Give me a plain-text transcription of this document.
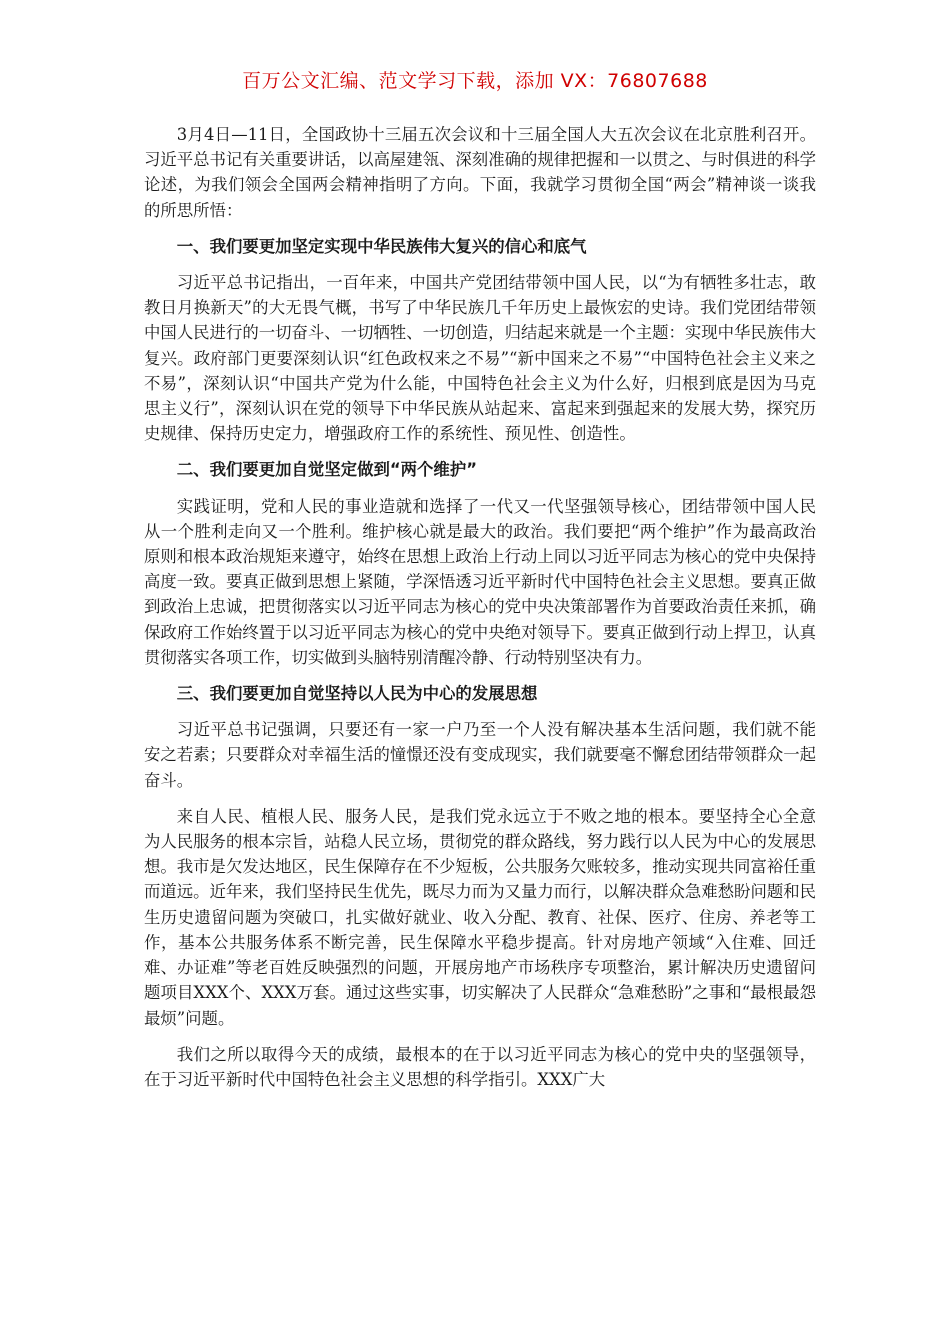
百万公文汇编、范文学习下载，添加 VX：76807688

3月4日—11日，全国政协十三届五次会议和十三届全国人大五次会议在北京胜利召开。习近平总书记有关重要讲话，以高屋建瓴、深刻准确的规律把握和一以贯之、与时俱进的科学论述，为我们领会全国两会精神指明了方向。下面，我就学习贯彻全国“两会”精神谈一谈我的所思所悟：

一、我们要更加坚定实现中华民族伟大复兴的信心和底气

习近平总书记指出，一百年来，中国共产党团结带领中国人民，以“为有牺牲多壮志，敢教日月换新天”的大无畏气概，书写了中华民族几千年历史上最恢宏的史诗。我们党团结带领中国人民进行的一切奋斗、一切牺牲、一切创造，归结起来就是一个主题：实现中华民族伟大复兴。政府部门更要深刻认识“红色政权来之不易”“新中国来之不易”“中国特色社会主义来之不易”，深刻认识“中国共产党为什么能，中国特色社会主义为什么好，归根到底是因为马克思主义行”，深刻认识在党的领导下中华民族从站起来、富起来到强起来的发展大势，探究历史规律、保持历史定力，增强政府工作的系统性、预见性、创造性。

二、我们要更加自觉坚定做到“两个维护”

实践证明，党和人民的事业造就和选择了一代又一代坚强领导核心，团结带领中国人民从一个胜利走向又一个胜利。维护核心就是最大的政治。我们要把“两个维护”作为最高政治原则和根本政治规矩来遵守，始终在思想上政治上行动上同以习近平同志为核心的党中央保持高度一致。要真正做到思想上紧随，学深悟透习近平新时代中国特色社会主义思想。要真正做到政治上忠诚，把贯彻落实以习近平同志为核心的党中央决策部署作为首要政治责任来抓，确保政府工作始终置于以习近平同志为核心的党中央绝对领导下。要真正做到行动上捍卫，认真贯彻落实各项工作，切实做到头脑特别清醒冷静、行动特别坚决有力。

三、我们要更加自觉坚持以人民为中心的发展思想

习近平总书记强调，只要还有一家一户乃至一个人没有解决基本生活问题，我们就不能安之若素；只要群众对幸福生活的憧憬还没有变成现实，我们就要毫不懈怠团结带领群众一起奋斗。

来自人民、植根人民、服务人民，是我们党永远立于不败之地的根本。要坚持全心全意为人民服务的根本宗旨，站稳人民立场，贯彻党的群众路线，努力践行以人民为中心的发展思想。我市是欠发达地区，民生保障存在不少短板，公共服务欠账较多，推动实现共同富裕任重而道远。近年来，我们坚持民生优先，既尽力而为又量力而行，以解决群众急难愁盼问题和民生历史遗留问题为突破口，扎实做好就业、收入分配、教育、社保、医疗、住房、养老等工作，基本公共服务体系不断完善，民生保障水平稳步提高。针对房地产领域“入住难、回迁难、办证难”等老百姓反映强烈的问题，开展房地产市场秩序专项整治，累计解决历史遗留问题项目XXX个、XXX万套。通过这些实事，切实解决了人民群众“急难愁盼”之事和“最根最怨最烦”问题。

我们之所以取得今天的成绩，最根本的在于以习近平同志为核心的党中央的坚强领导，在于习近平新时代中国特色社会主义思想的科学指引。XXX广大
